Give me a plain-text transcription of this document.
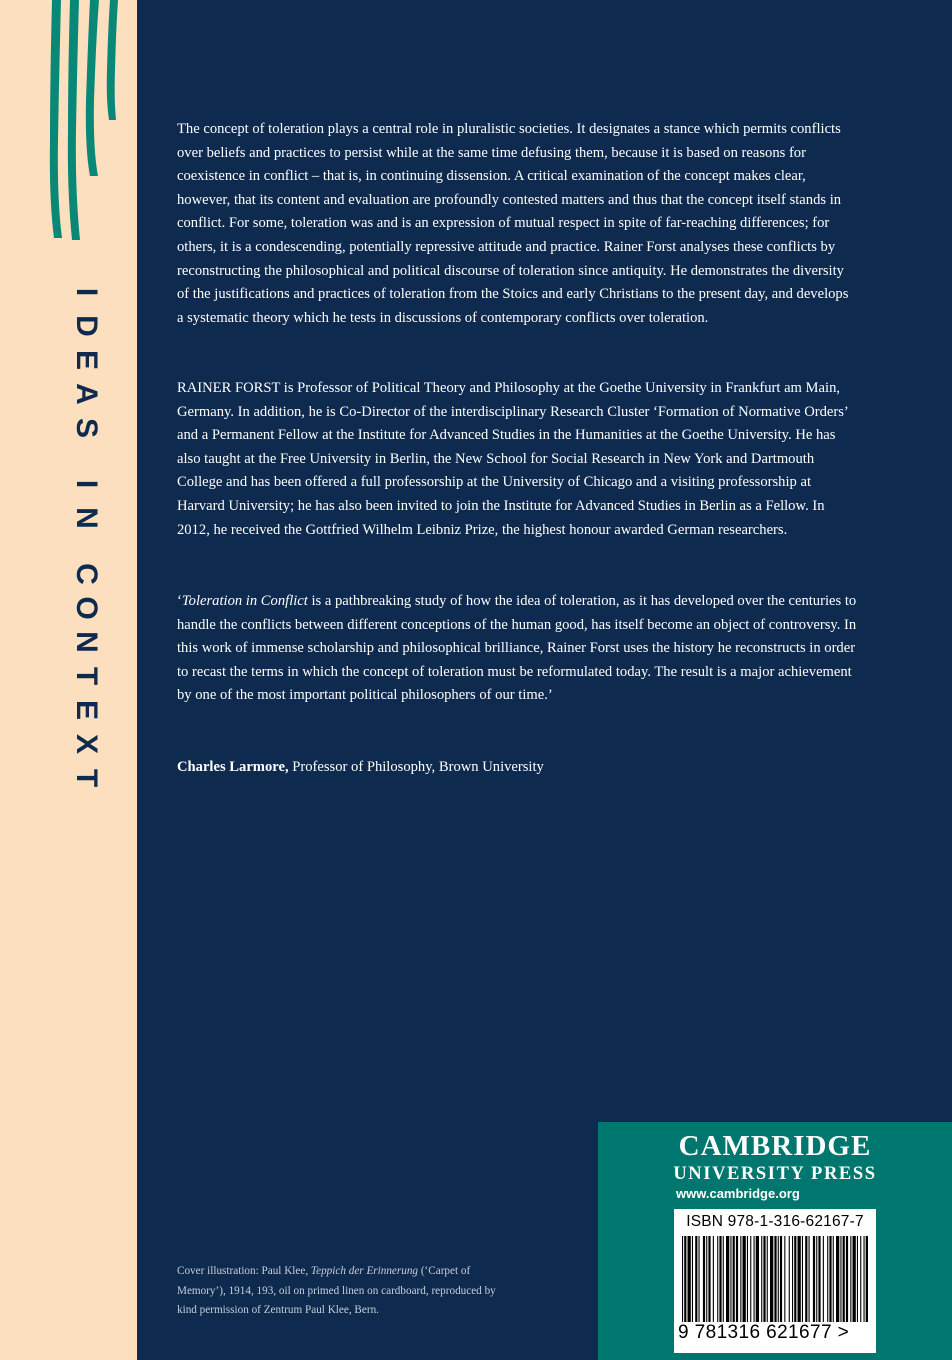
I
D
E
A
S
I
N
C
O
N
T
E
X
T

The concept of toleration plays a central role in pluralistic societies. It designates a stance which permits conflicts over beliefs and practices to persist while at the same time defusing them, because it is based on reasons for coexistence in conflict – that is, in continuing dissension. A critical examination of the concept makes clear, however, that its content and evaluation are profoundly contested matters and thus that the concept itself stands in conflict. For some, toleration was and is an expression of mutual respect in spite of far-reaching differences; for others, it is a condescending, potentially repressive attitude and practice. Rainer Forst analyses these conflicts by reconstructing the philosophical and political discourse of toleration since antiquity. He demonstrates the diversity of the justifications and practices of toleration from the Stoics and early Christians to the present day, and develops a systematic theory which he tests in discussions of contemporary conflicts over toleration.

RAINER FORST is Professor of Political Theory and Philosophy at the Goethe University in Frankfurt am Main, Germany. In addition, he is Co-Director of the interdisciplinary Research Cluster ‘Formation of Normative Orders’ and a Permanent Fellow at the Institute for Advanced Studies in the Humanities at the Goethe University. He has also taught at the Free University in Berlin, the New School for Social Research in New York and Dartmouth College and has been offered a full professorship at the University of Chicago and a visiting professorship at Harvard University; he has also been invited to join the Institute for Advanced Studies in Berlin as a Fellow. In 2012, he received the Gottfried Wilhelm Leibniz Prize, the highest honour awarded German researchers.

‘Toleration in Conflict is a pathbreaking study of how the idea of toleration, as it has developed over the centuries to handle the conflicts between different conceptions of the human good, has itself become an object of controversy. In this work of immense scholarship and philosophical brilliance, Rainer Forst uses the history he reconstructs in order to recast the terms in which the concept of toleration must be reformulated today. The result is a major achievement by one of the most important political philosophers of our time.’

Charles Larmore, Professor of Philosophy, Brown University

Cover illustration: Paul Klee, Teppich der Erinnerung (‘Carpet of Memory’), 1914, 193, oil on primed linen on cardboard, reproduced by kind permission of Zentrum Paul Klee, Bern.
CAMBRIDGE
UNIVERSITY PRESS
www.cambridge.org
ISBN 978-1-316-62167-7
9 781316 621677 >
